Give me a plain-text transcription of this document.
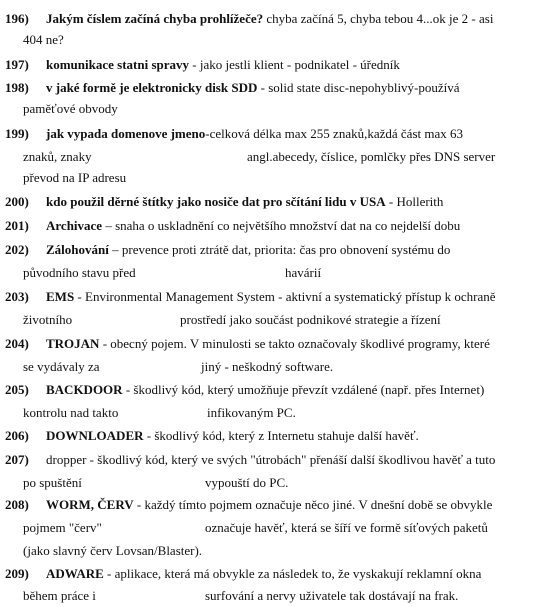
196) Jakým číslem začíná chyba prohlížeče? chyba začíná 5, chyba tebou 4...ok je 2 - asi
404 ne?
197) komunikace statni spravy - jako jestli klient - podnikatel - úředník
198) v jaké formě je elektronicky disk SDD - solid state disc-nepohyblivý-používá
paměťové obvody
199) jak vypada domenove jmeno-celková délka max 255 znaků,každá část max 63
znaků, znaky	angl.abecedy, číslice, pomlčky přes DNS server
převod na IP adresu
200) kdo použil děrné štítky jako nosiče dat pro sčítání lidu v USA - Hollerith
201) Archivace – snaha o uskladnění co největšího množství dat na co nejdelší dobu
202) Zálohování – prevence proti ztrátě dat, priorita: čas pro obnovení systému do
původního stavu před	havárií
203) EMS - Environmental Management System - aktivní a systematický přístup k ochraně
životního	prostředí jako součást podnikové strategie a řízení
204) TROJAN - obecný pojem. V minulosti se takto označovaly škodlivé programy, které
se vydávaly za	jiný - neškodný software.
205) BACKDOOR - škodlivý kód, který umožňuje převzít vzdálené (např. přes Internet)
kontrolu nad takto	infikovaným PC.
206) DOWNLOADER - škodlivý kód, který z Internetu stahuje další havěť.
207) dropper - škodlivý kód, který ve svých "útrobách" přenáší další škodlivou havěť a tuto
po spuštění	vypouští do PC.
208) WORM, ČERV - každý tímto pojmem označuje něco jiné. V dnešní době se obvykle
pojmem "červ"	označuje havěť, která se šíří ve formě síťových paketů
(jako slavný červ Lovsan/Blaster).
209) ADWARE - aplikace, která má obvykle za následek to, že vyskakují reklamní okna
během práce i	surfování a nervy uživatele tak dostávají na frak.
